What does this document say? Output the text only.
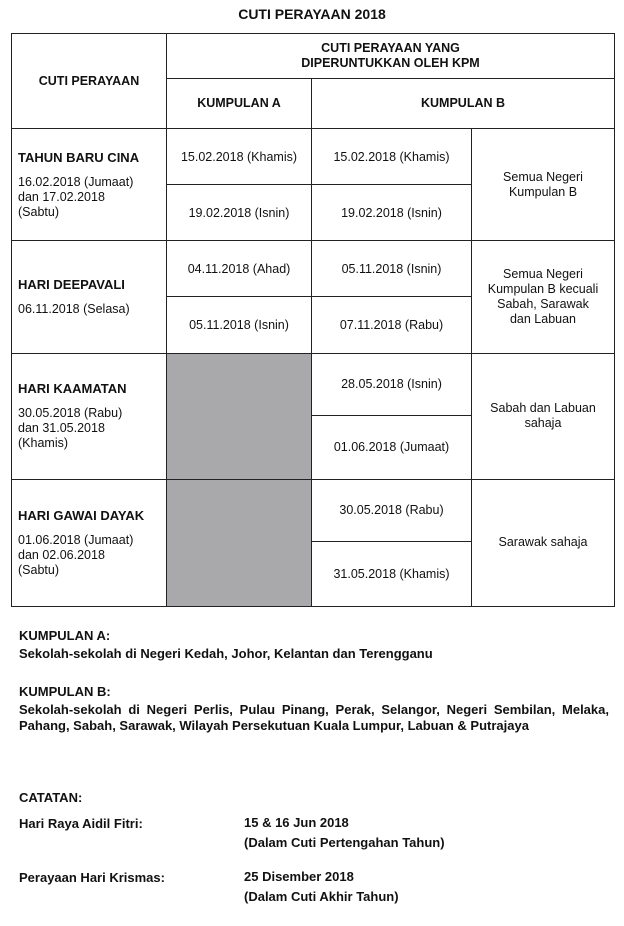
CUTI PERAYAAN 2018
CUTI PERAYAAN	CUTI PERAYAAN YANG DIPERUNTUKKAN OLEH KPM		
	KUMPULAN A	KUMPULAN B	

TAHUN BARU CINA
16.02.2018 (Jumaat)
dan 17.02.2018
(Sabtu)	15.02.2018 (Khamis)	15.02.2018 (Khamis)	Semua Negeri
Kumpulan B
	19.02.2018 (Isnin)	19.02.2018 (Isnin)	

HARI DEEPAVALI
06.11.2018 (Selasa)	04.11.2018 (Ahad)	05.11.2018 (Isnin)	Semua Negeri
Kumpulan B kecuali
Sabah, Sarawak
dan Labuan
	05.11.2018 (Isnin)	07.11.2018 (Rabu)	

HARI KAAMATAN
30.05.2018 (Rabu)
dan 31.05.2018
(Khamis)		28.05.2018 (Isnin)	Sabah dan Labuan
sahaja
		01.06.2018 (Jumaat)	

HARI GAWAI DAYAK
01.06.2018 (Jumaat)
dan 02.06.2018
(Sabtu)		30.05.2018 (Rabu)	Sarawak sahaja
		31.05.2018 (Khamis)	
KUMPULAN A:
Sekolah-sekolah di Negeri Kedah, Johor, Kelantan dan Terengganu
KUMPULAN B:
Sekolah-sekolah di Negeri Perlis, Pulau Pinang, Perak, Selangor, Negeri Sembilan, Melaka, Pahang, Sabah, Sarawak, Wilayah Persekutuan Kuala Lumpur, Labuan & Putrajaya
CATATAN:
Hari Raya Aidil Fitri:	15 & 16 Jun 2018
(Dalam Cuti Pertengahan Tahun)
Perayaan Hari Krismas:	25 Disember 2018
(Dalam Cuti Akhir Tahun)
